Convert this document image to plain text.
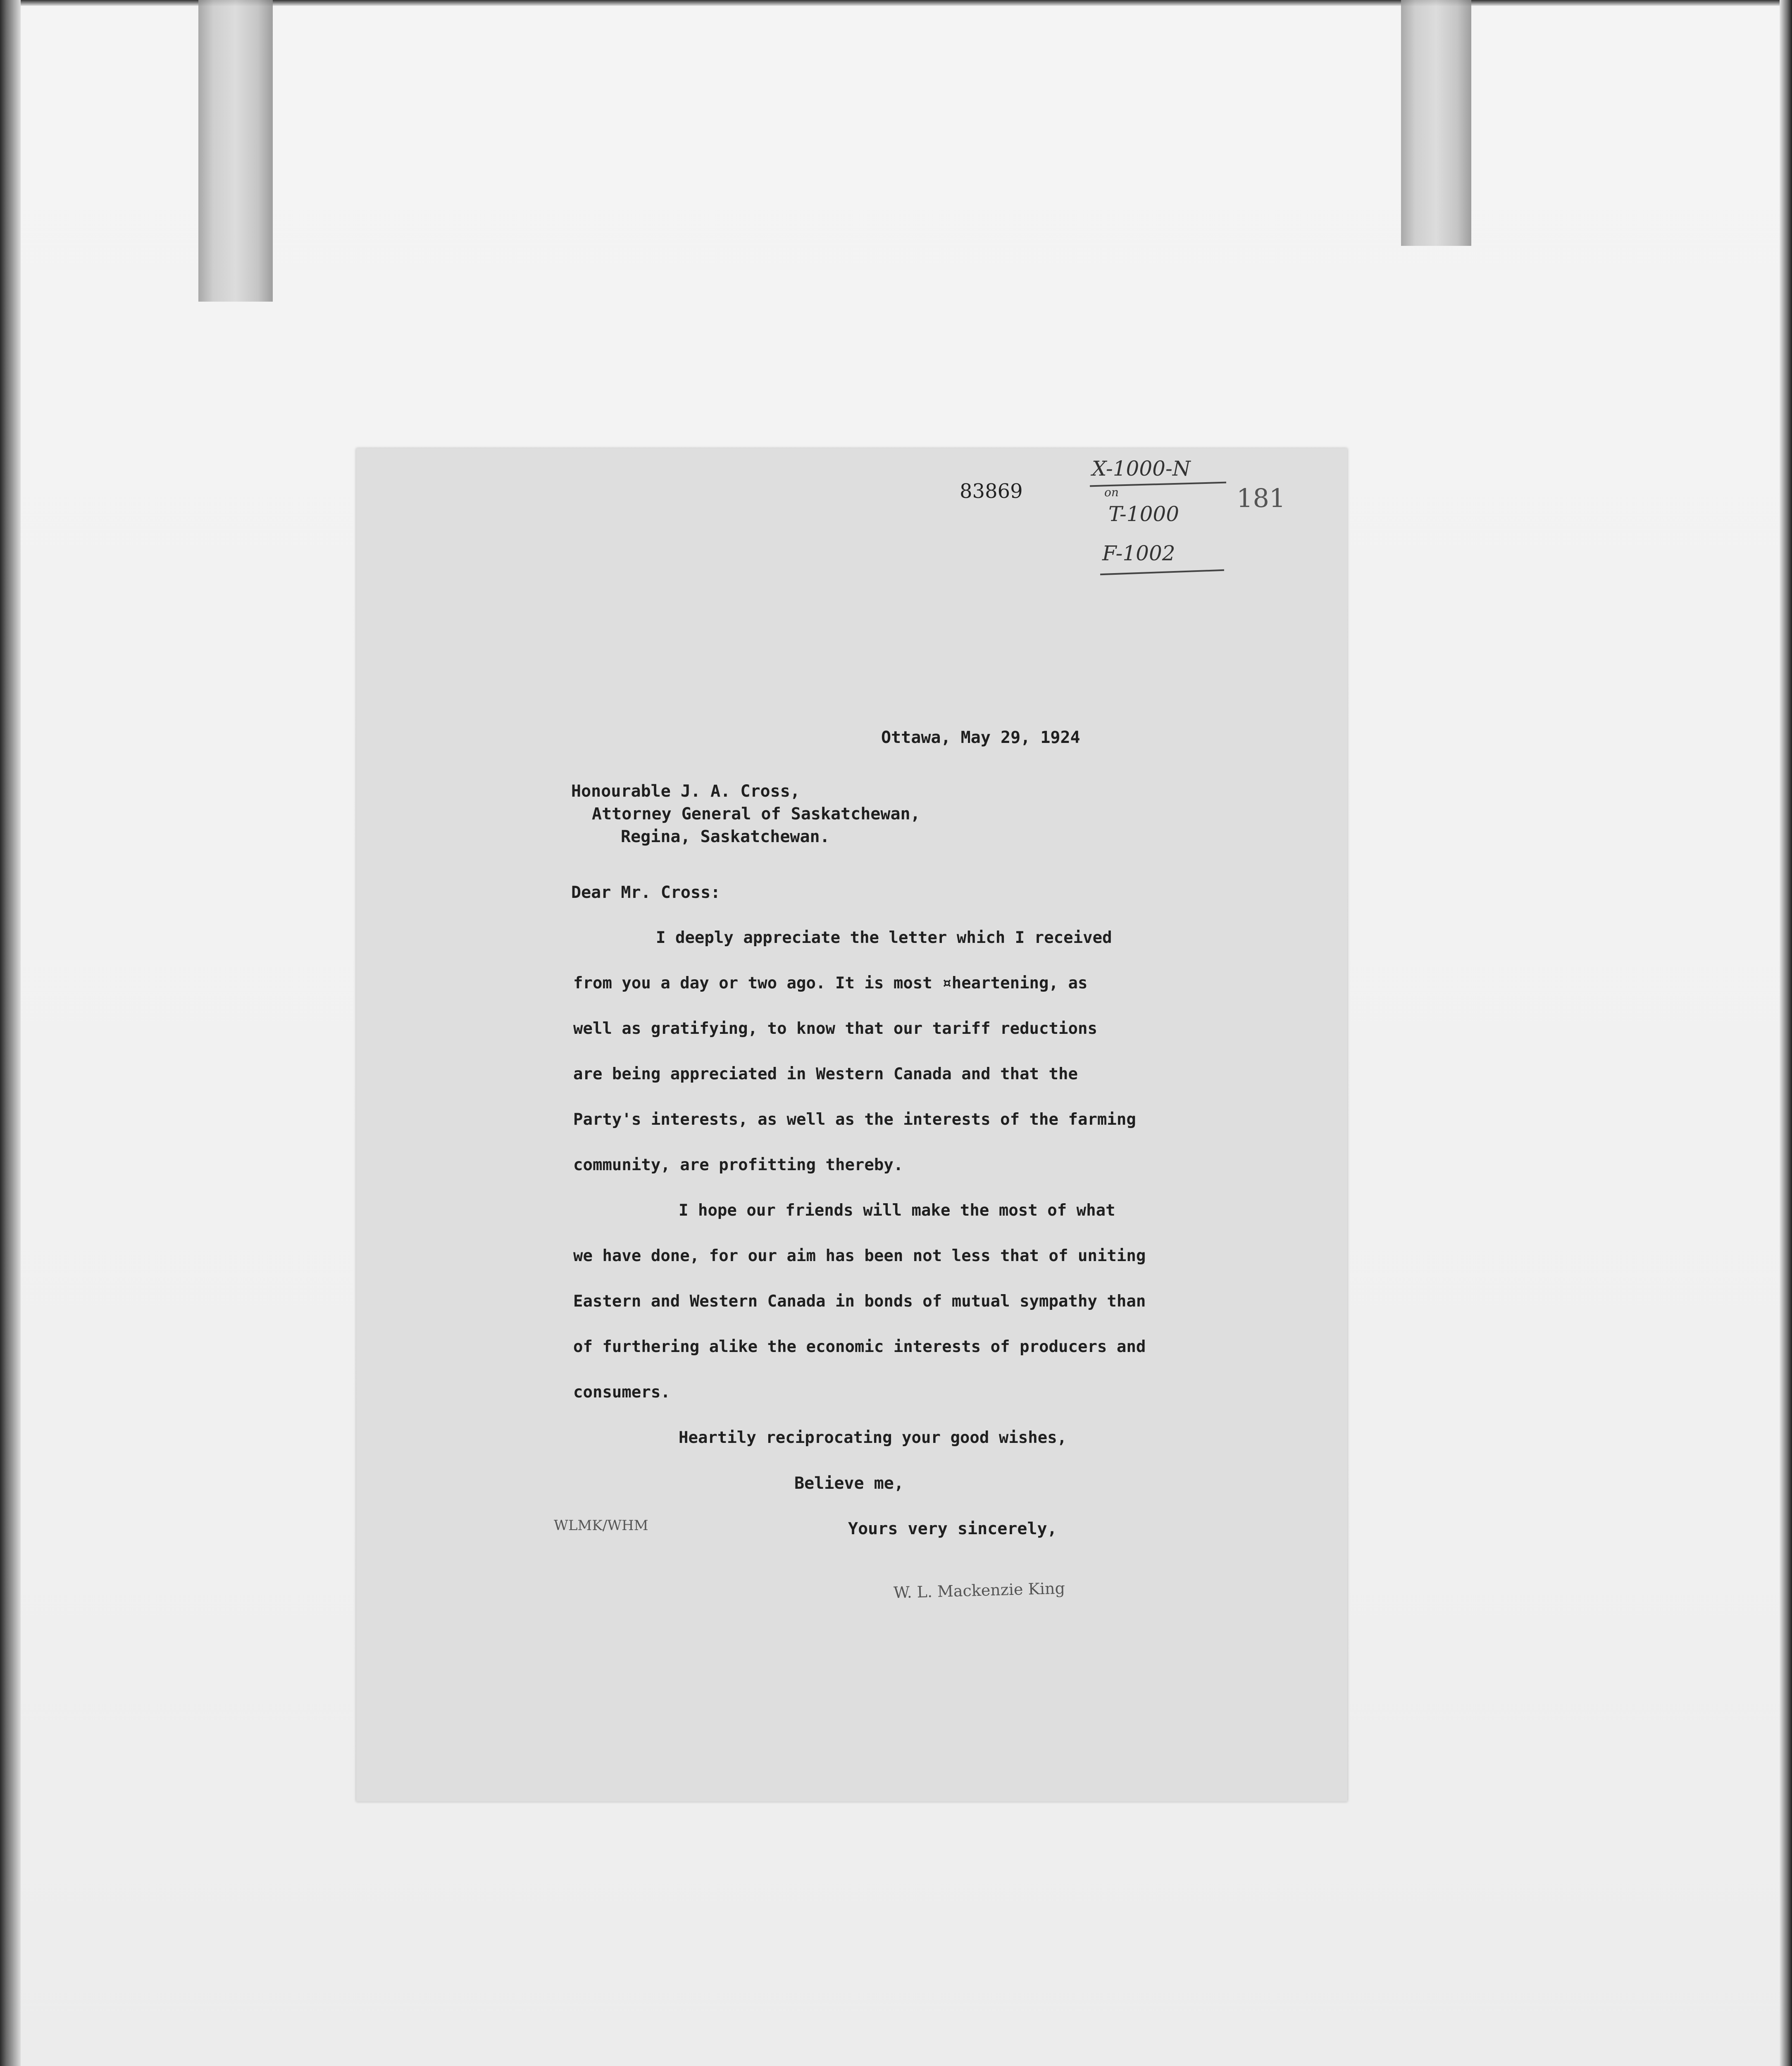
83869	181
X-1000-N
on
T-1000
F-1002
Ottawa, May 29, 1924
Honourable J. A. Cross,
Attorney General of Saskatchewan,
Regina, Saskatchewan.
Dear Mr. Cross:
I deeply appreciate the letter which I received
from you a day or two ago. It is most ¤heartening, as
well as gratifying, to know that our tariff reductions
are being appreciated in Western Canada and that the
Party's interests, as well as the interests of the farming
community, are profitting thereby.
I hope our friends will make the most of what
we have done, for our aim has been not less that of uniting
Eastern and Western Canada in bonds of mutual sympathy than
of furthering alike the economic interests of producers and
consumers.
Heartily reciprocating your good wishes,
Believe me,
WLMK/WHM	Yours very sincerely,
W. L. Mackenzie King
